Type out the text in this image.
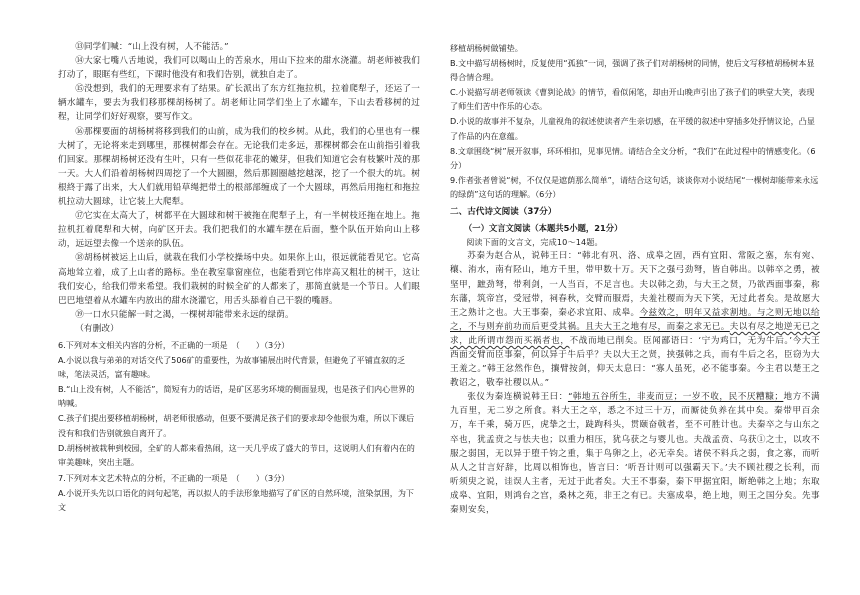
⑬同学们喊：“山上没有树，人不能活。”

⑭大家七嘴八舌地说，我们可以喝山上的苦泉水，用山下拉来的甜水浇灌。胡老师被我们打动了，眼眶有些红，下课时他没有和我们告别，就独自走了。

⑮没想到，我们的无理要求有了结果。矿长派出了东方红拖拉机，拉着爬犁子，还运了一辆水罐车，要去为我们移那棵胡杨树了。胡老师让同学们坐上了水罐车，下山去看移树的过程，让同学们好好观察，要写作文。

⑯那棵要面的胡杨树将移到我们的山前，成为我们的校乡树。从此，我们的心里也有一棵大树了，无论将来走到哪里，那棵树都会存在。无论我们走多远，那棵树都会在山前指引着我们回家。那棵胡杨树还没有生叶，只有一些似花非花的嫩芽，但我们知道它会有枝繁叶茂的那一天。大人们沿着胡杨树四周挖了一个大圆圈，然后那圆圈越挖越深，挖了一个很大的坑。树根終于露了出来，大人们就用铅草绳把带土的根部部缠成了一个大圆球，再然后用拖杠和拖拉机拉动大圆球，让它装上大爬犁。

⑰它实在太高大了，树都平在大圆球和树干被拖在爬犁子上，有一半树枝还拖在地上。拖拉机扛着爬犁和大树，向矿区开去。我们把我们的水罐车摆在后面，整个队伍开始向山上移动，远远望去像一个送亲的队伍。

⑱胡杨树被运上山后，就栽在我们小学校操场中央。如果你上山，很远就能看见它。它高高地耸立着，成了上山者的路标。坐在教室靠窗座位，也能看到它伟岸高又粗壮的树干，这让我们安心，给我们带来希望。我们栽树的时候全矿的人都来了，那简直就是一个节日。人们眼巴巴地望着从水罐车内放出的甜水浇灌它，用舌头舔着自己干裂的嘴唇。

⑲一口水只能解一时之渴，一棵树却能带来永远的绿荫。

（有删改）

6.下列对本文相关内容的分析，不正确的一项是　（　　）（3分）

A.小说以我与弟弟的对话交代了506矿的重要性，为故事铺展出时代背景，但避免了平铺直叙的乏味，笔法灵活，富有趣味。

B.“山上没有树，人不能活”，简短有力的话语，是矿区恶劣环境的侧面显现，也是孩子们内心世界的呐喊。

C.孩子们提出要移植胡杨树，胡老师很感动，但要不要满足孩子们的要求却令他很为难，所以下课后没有和我们告别就独自离开了。

D.胡杨树被栽种到校园，全矿的人都来看热闹，这一天几乎成了盛大的节日，这说明人们有着内在的审美趣味，突出主题。

7.下列对本文艺术特点的分析，不正确的一项是　（　　）（3分）

A.小说开头先以口语化的问句起笔，再以拟人的手法形象地描写了矿区的自然环境，渲染氛围，为下文

移植胡杨树做铺垫。

B.文中描写胡杨树时，反复使用“孤独”一词，强调了孩子们对胡杨树的同情，使后文写移植胡杨树本显得合情合理。

C.小说描写胡老师领读《曹刿论战》的情节，看似闲笔，却由开山晚声引出了孩子们的哄堂大笑，表现了师生们苦中作乐的心态。

D.小说的故事并不复杂，儿童视角的叙述使读者产生亲切感，在平缓的叙述中穿插多处抒情议论，凸显了作品的内在意蕴。

8.文章围绕“树”展开叙事，环环相扣，见事见情。请结合全文分析，“我们”在此过程中的情感变化。（6分）

9.作者张者曾说“树，不仅仅是遮荫那么简单”，请结合这句话，谈谈你对小说结尾“一棵树却能带来永远的绿荫”这句话的理解。（6分）

二、古代诗文阅读（37分）

（一）文言文阅读（本题共5小题，21分）

阅读下面的文言文，完成10～14题。

苏秦为赵合从，说韩王曰：“韩北有巩、洛、成皋之固，西有宜阳、常阪之塞，东有宛、穰、洧水，南有陉山，地方千里，带甲数十万。天下之强弓劲弩，皆自韩出。以韩卒之勇，被坚甲，蹠劲弩，带利剑，一人当百，不足言也。夫以韩之劲，与大王之贤，乃欲西面事秦，称东藩，筑帝宫，受冠带，祠春秋，交臂而服焉，夫羞社稷而为天下笑，无过此者矣。是故愿大王之熟计之也。大王事秦，秦必求宜阳、成皋。今兹效之，明年又益求割地。与之则无地以给之，不与则弃前功而后更受其祸。且夫大王之地有尽，而秦之求无已。夫以有尽之地逆无已之求，此所谓市怨而买祸者也，不战而地已削矣。臣闻鄙语曰：‘宁为鸡口，无为牛后。’今大王西面交臂而臣事秦，何以异于牛后乎？夫以大王之贤，挟强韩之兵，而有牛后之名，臣窃为大王羞之。”韩王忿然作色，攘臂按剑，仰天太息曰：“寡人虽死，必不能事秦。今主君以楚王之教诏之，敬奉社稷以从。”

张仪为秦连横说韩王曰：“韩地五谷所生，非麦而豆；一岁不收，民不厌糟糠；地方不满九百里，无二岁之所食。料大王之卒，悉之不过三十万，而厮徒负养在其中矣。秦带甲百余万，车千乘，骑万匹，虎挚之士，跿跔科头，贯颐奋戟者，至不可胜计也。夫秦卒之与山东之卒也，犹孟贲之与怯夫也；以重力相压，犹乌获之与婴儿也。夫战孟贲、乌获①之士，以攻不服之弱国，无以异于堕千钧之重，集于鸟卵之上，必无幸矣。诸侯不料兵之弱，食之寡，而听从人之甘言好辞，比周以相饰也，皆言曰：‘听吾计则可以强霸天下。’夫不顾社稷之长利，而听须臾之说，诖误人主者，无过于此者矣。大王不事秦，秦下甲据宜阳，断绝韩之上地；东取成皋、宜阳，则鸿台之宫，桑林之苑，非王之有已。夫塞成皋，绝上地，则王之国分矣。先事秦则安矣，
